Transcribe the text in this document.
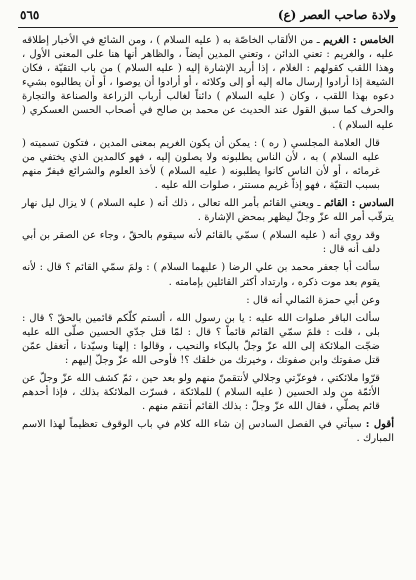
ولادة صاحب العصر (ع)
٥٦٥

الخامس : الغريم ـ من الألقاب الخاصّة به ( عليه السلام ) ، ومن الشائع في الأخبار إطلاقه عليه ، والغريم : تعني الدائن ، وتعني المدين أيضاً ، والظاهر أنها هنا على المعنى الأول ، وهذا اللقب كقولهم : الغلام ، إذا أريد الإشارة إليه ( عليه السلام ) من باب التقيّة ، فكان الشيعة إذا أرادوا إرسال ماله إليه أو إلى وكلائه ، أو أرادوا أن يوصوا ، أو أن يطالبوه بشيء دعوه بهذا اللقب ، وكان ( عليه السلام ) دائناً لغالب أرباب الزراعة والصناعة والتجارة والحرف كما سبق القول عند الحديث عن محمد بن صالح في أصحاب الحسن العسكري ( عليه السلام ) .

قال العلامة المجلسي ( ره ) : يمكن أن يكون الغريم بمعنى المدين ، فتكون تسميته ( عليه السلام ) به ، لأن الناس يطلبونه ولا يصلون إليه ، فهو كالمدين الذي يختفي من غرمائه ، أو لأن الناس كانوا يطلبونه ( عليه السلام ) لأخذ العلوم والشرائع فيفرّ منهم بسبب التقيّة ، فهو إذاً غريم مستتر ، صلوات الله عليه .

السادس : القائم ـ ويعني القائم بأمر الله تعالى ، ذلك أنه ( عليه السلام ) لا يزال ليل نهار يترقّب أمر الله عزّ وجلّ ليظهر بمحض الإشارة .

وقد روي أنه ( عليه السلام ) سمّي بالقائم لأنه سيقوم بالحقّ ، وجاء عن الصقر بن أبي دلف أنه قال :

سألت أبا جعفر محمد بن علي الرضا ( عليهما السلام ) : ولمَ سمّي القائم ؟ قال : لأنه يقوم بعد موت ذكره ، وارتداد أكثر القائلين بإمامته .

وعن أبي حمزة الثمالي أنه قال :

سألت الباقر صلوات الله عليه : يا بن رسول الله ، ألستم كلّكم قائمين بالحقّ ؟ قال : بلى ، قلت : فلمَ سمّي القائم قائماً ؟ قال : لمّا قتل جدّي الحسين صلّى الله عليه ضجّت الملائكة إلى الله عزّ وجلّ بالبكاء والنحيب ، وقالوا : إلهنا وسيّدنا ، أتغفل عمّن قتل صفوتك وابن صفوتك ، وخيرتك من خلقك ؟! فأوحى الله عزّ وجلّ إليهم :

قرّوا ملائكتي ، فوعزّتي وجلالي لأنتقمنّ منهم ولو بعد حين ، ثمّ كشف الله عزّ وجلّ عن الأئمّة من ولد الحسين ( عليه السلام ) للملائكة ، فسرّت الملائكة بذلك ، فإذا أحدهم قائم يصلّي ، فقال الله عزّ وجلّ : بذلك القائم أنتقم منهم .

أقول : سيأتي في الفصل السادس إن شاء الله كلام في باب الوقوف تعظيماً لهذا الاسم المبارك .
